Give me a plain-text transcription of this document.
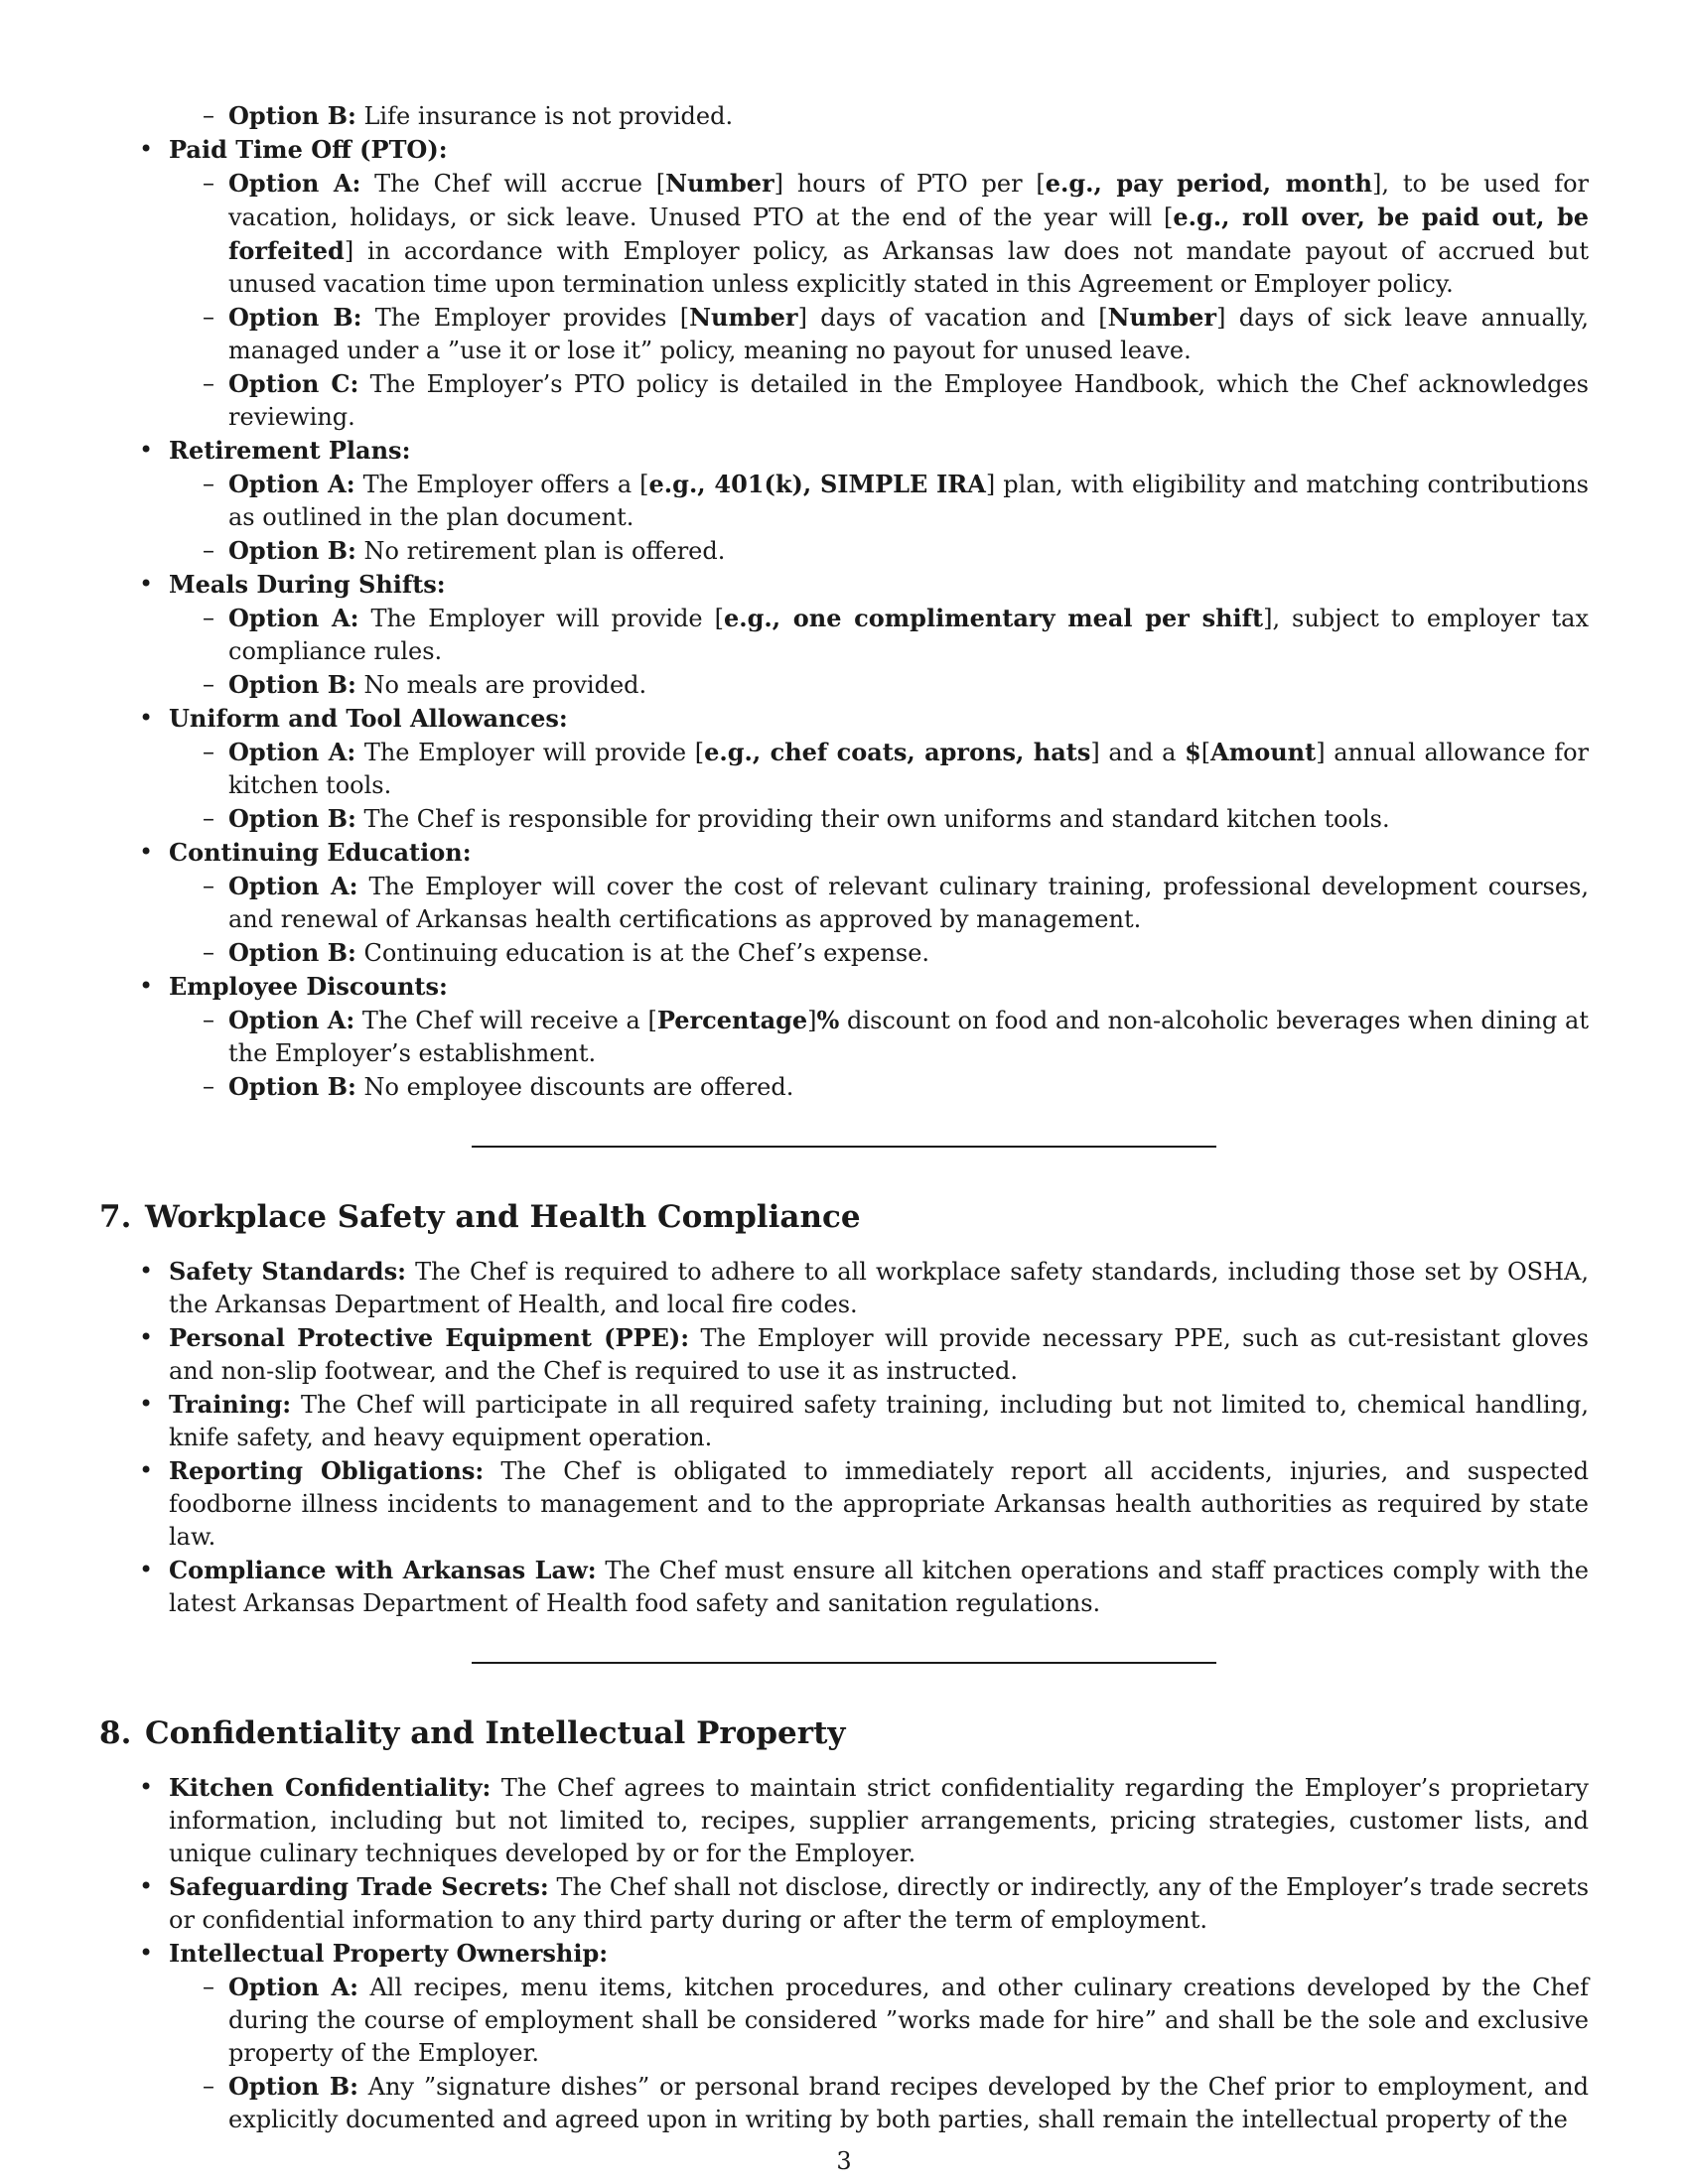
– Option B: Life insurance is not provided.
• Paid Time Off (PTO):
– Option A: The Chef will accrue [Number] hours of PTO per [e.g., pay period, month], to be used for vacation, holidays, or sick leave. Unused PTO at the end of the year will [e.g., roll over, be paid out, be forfeited] in accordance with Employer policy, as Arkansas law does not mandate payout of accrued but unused vacation time upon termination unless explicitly stated in this Agreement or Employer policy.
– Option B: The Employer provides [Number] days of vacation and [Number] days of sick leave annually, managed under a ”use it or lose it” policy, meaning no payout for unused leave.
– Option C: The Employer’s PTO policy is detailed in the Employee Handbook, which the Chef acknowledges reviewing.
• Retirement Plans:
– Option A: The Employer offers a [e.g., 401(k), SIMPLE IRA] plan, with eligibility and matching contributions as outlined in the plan document.
– Option B: No retirement plan is offered.
• Meals During Shifts:
– Option A: The Employer will provide [e.g., one complimentary meal per shift], subject to employer tax compliance rules.
– Option B: No meals are provided.
• Uniform and Tool Allowances:
– Option A: The Employer will provide [e.g., chef coats, aprons, hats] and a $[Amount] annual allowance for kitchen tools.
– Option B: The Chef is responsible for providing their own uniforms and standard kitchen tools.
• Continuing Education:
– Option A: The Employer will cover the cost of relevant culinary training, professional development courses, and renewal of Arkansas health certifications as approved by management.
– Option B: Continuing education is at the Chef’s expense.
• Employee Discounts:
– Option A: The Chef will receive a [Percentage]% discount on food and non-alcoholic beverages when dining at the Employer’s establishment.
– Option B: No employee discounts are offered.
7. Workplace Safety and Health Compliance
• Safety Standards: The Chef is required to adhere to all workplace safety standards, including those set by OSHA, the Arkansas Department of Health, and local fire codes.
• Personal Protective Equipment (PPE): The Employer will provide necessary PPE, such as cut-resistant gloves and non-slip footwear, and the Chef is required to use it as instructed.
• Training: The Chef will participate in all required safety training, including but not limited to, chemical handling, knife safety, and heavy equipment operation.
• Reporting Obligations: The Chef is obligated to immediately report all accidents, injuries, and suspected foodborne illness incidents to management and to the appropriate Arkansas health authorities as required by state law.
• Compliance with Arkansas Law: The Chef must ensure all kitchen operations and staff practices comply with the latest Arkansas Department of Health food safety and sanitation regulations.
8. Confidentiality and Intellectual Property
• Kitchen Confidentiality: The Chef agrees to maintain strict confidentiality regarding the Employer’s proprietary information, including but not limited to, recipes, supplier arrangements, pricing strategies, customer lists, and unique culinary techniques developed by or for the Employer.
• Safeguarding Trade Secrets: The Chef shall not disclose, directly or indirectly, any of the Employer’s trade secrets or confidential information to any third party during or after the term of employment.
• Intellectual Property Ownership:
– Option A: All recipes, menu items, kitchen procedures, and other culinary creations developed by the Chef during the course of employment shall be considered ”works made for hire” and shall be the sole and exclusive property of the Employer.
– Option B: Any ”signature dishes” or personal brand recipes developed by the Chef prior to employment, and explicitly documented and agreed upon in writing by both parties, shall remain the intellectual property of the
3
